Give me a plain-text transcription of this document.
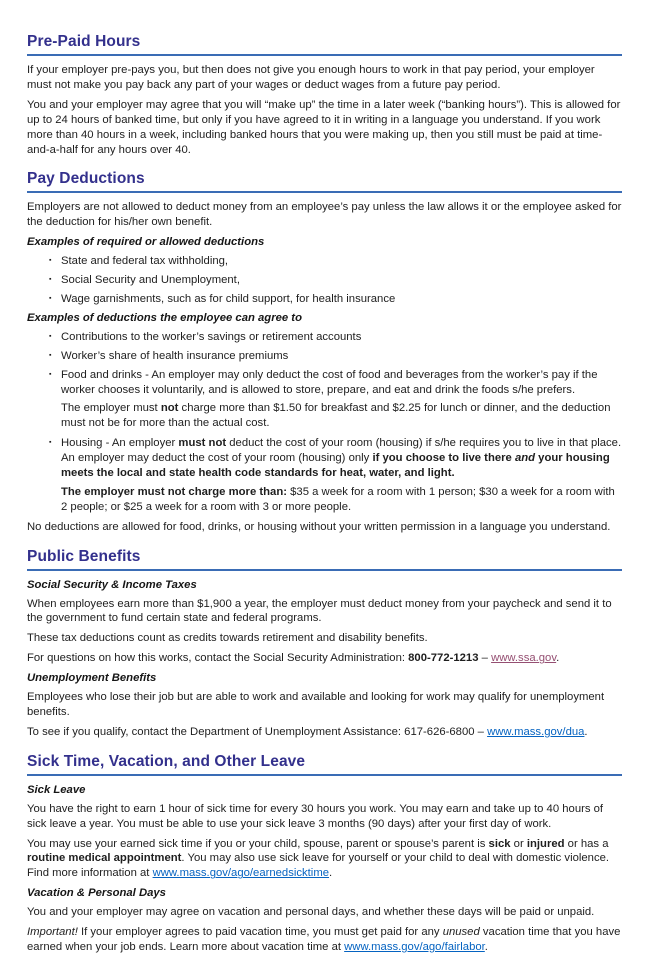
Pre-Paid Hours

If your employer pre-pays you, but then does not give you enough hours to work in that pay period, your employer must not make you pay back any part of your wages or deduct wages from a future pay period.

You and your employer may agree that you will “make up” the time in a later week (“banking hours”). This is allowed for up to 24 hours of banked time, but only if you have agreed to it in writing in a language you understand. If you work more than 40 hours in a week, including banked hours that you were making up, then you still must be paid at time-and-a-half for any hours over 40.

Pay Deductions

Employers are not allowed to deduct money from an employee’s pay unless the law allows it or the employee asked for the deduction for his/her own benefit.

Examples of required or allowed deductions

▪ State and federal tax withholding,
▪ Social Security and Unemployment,
▪ Wage garnishments, such as for child support, for health insurance

Examples of deductions the employee can agree to

▪ Contributions to the worker’s savings or retirement accounts
▪ Worker’s share of health insurance premiums
▪ Food and drinks - An employer may only deduct the cost of food and beverages from the worker’s pay if the worker chooses it voluntarily, and is allowed to store, prepare, and eat and drink the foods s/he prefers.

The employer must not charge more than $1.50 for breakfast and $2.25 for lunch or dinner, and the deduction must not be for more than the actual cost.

▪ Housing - An employer must not deduct the cost of your room (housing) if s/he requires you to live in that place. An employer may deduct the cost of your room (housing) only if you choose to live there and your housing meets the local and state health code standards for heat, water, and light.

The employer must not charge more than: $35 a week for a room with 1 person; $30 a week for a room with 2 people; or $25 a week for a room with 3 or more people.

No deductions are allowed for food, drinks, or housing without your written permission in a language you understand.

Public Benefits

Social Security & Income Taxes

When employees earn more than $1,900 a year, the employer must deduct money from your paycheck and send it to the government to fund certain state and federal programs.

These tax deductions count as credits towards retirement and disability benefits.

For questions on how this works, contact the Social Security Administration: 800-772-1213 – www.ssa.gov.

Unemployment Benefits

Employees who lose their job but are able to work and available and looking for work may qualify for unemployment benefits.

To see if you qualify, contact the Department of Unemployment Assistance: 617-626-6800 – www.mass.gov/dua.

Sick Time, Vacation, and Other Leave

Sick Leave

You have the right to earn 1 hour of sick time for every 30 hours you work. You may earn and take up to 40 hours of sick leave a year. You must be able to use your sick leave 3 months (90 days) after your first day of work.

You may use your earned sick time if you or your child, spouse, parent or spouse’s parent is sick or injured or has a routine medical appointment. You may also use sick leave for yourself or your child to deal with domestic violence. Find more information at www.mass.gov/ago/earnedsicktime.

Vacation & Personal Days

You and your employer may agree on vacation and personal days, and whether these days will be paid or unpaid.

Important! If your employer agrees to paid vacation time, you must get paid for any unused vacation time that you have earned when your job ends. Learn more about vacation time at www.mass.gov/ago/fairlabor.
